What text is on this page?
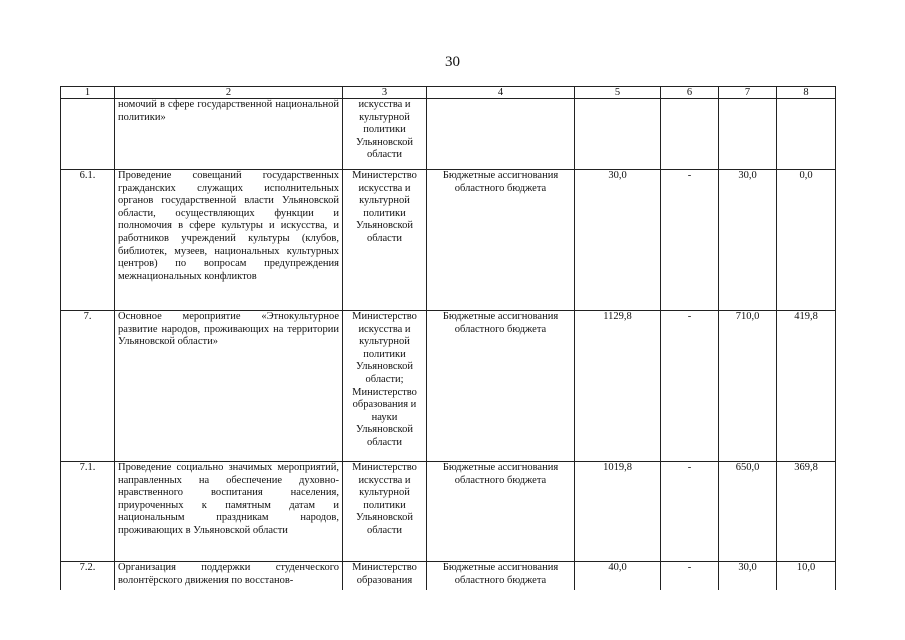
30
1	2	3	4	5	6	7	8
	номочий в сфере государственной национальной политики»	искусства и культурной политики Ульяновской области					
6.1.	Проведение совещаний государственных гражданских служащих исполнительных органов государственной власти Ульяновской области, осуществляющих функции и полномочия в сфере культуры и искусства, и работников учреждений культуры (клубов, библиотек, музеев, национальных культурных центров) по вопросам предупреждения межнациональных конфликтов	Министерство искусства и культурной политики Ульяновской области	Бюджетные ассигнования областного бюджета	30,0	-	30,0	0,0
7.	Основное мероприятие «Этнокультурное развитие народов, проживающих на территории Ульяновской области»	Министерство искусства и культурной политики Ульяновской области; Министерство образования и науки Ульяновской области	Бюджетные ассигнования областного бюджета	1129,8	-	710,0	419,8
7.1.	Проведение социально значимых мероприятий, направленных на обеспечение духовно-нравственного воспитания населения, приуроченных к памятным датам и национальным праздникам народов, проживающих в Ульяновской области	Министерство искусства и культурной политики Ульяновской области	Бюджетные ассигнования областного бюджета	1019,8	-	650,0	369,8
7.2.	Организация поддержки студенческого волонтёрского движения по восстанов-	Министерство образования	Бюджетные ассигнования областного бюджета	40,0	-	30,0	10,0
